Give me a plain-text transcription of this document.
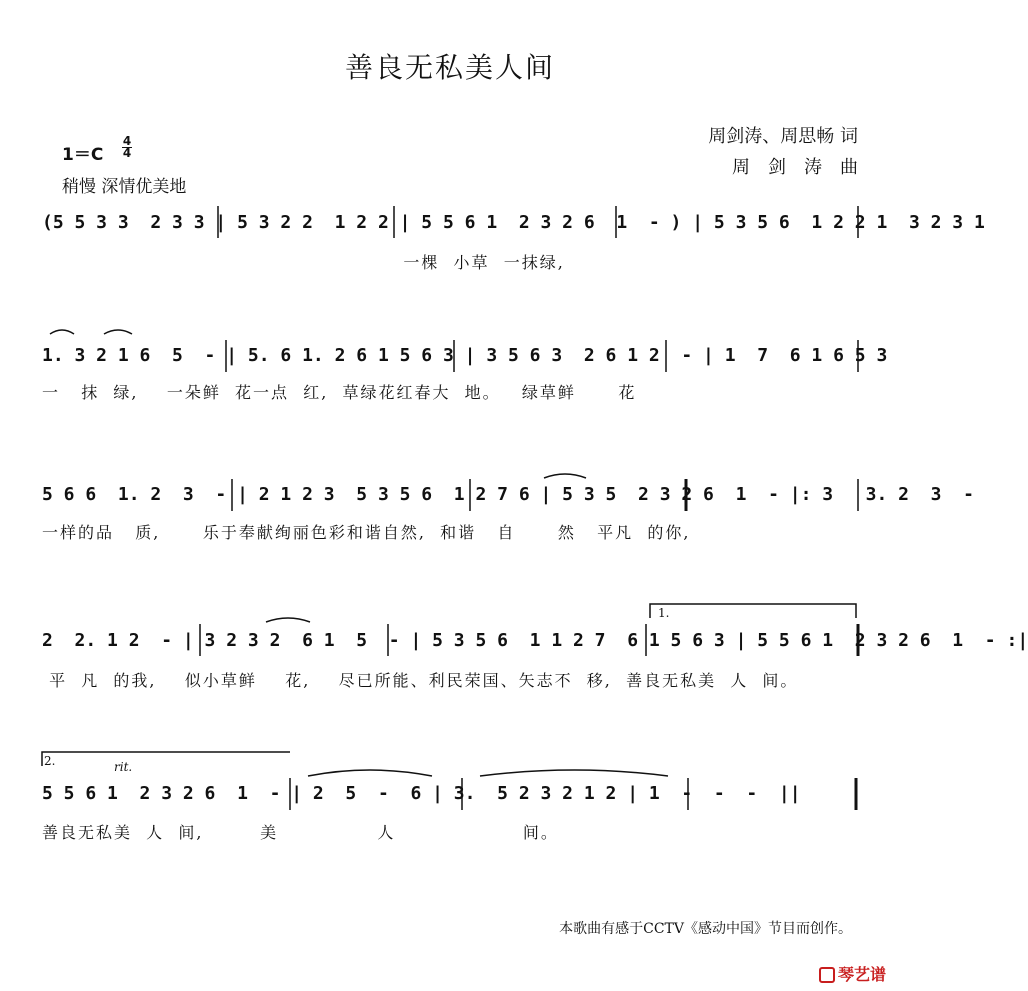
善良无私美人间
1＝C
4
4
稍慢 深情优美地
周剑涛、周思畅 词
周剑涛曲
(5 5 3 3  2 3 3 | 5 3 2 2  1 2 2 | 5 5 6 1  2 3 2 6  1  - ) | 5 3 5 6  1 2 2 1  3 2 3 1
一棵  小草  一抹绿,
1. 3 2 1 6  5  - | 5. 6 1. 2 6 1 5 6 3 | 3 5 6 3  2 6 1 2  - | 1  7  6 1 6 5 3
一   抹  绿,    一朵鲜  花一点  红,  草绿花红春大  地。   绿草鲜      花
5 6 6  1. 2  3  - | 2 1 2 3  5 3 5 6  1 2 7 6 | 5 3 5  2 3 2 6  1  - |: 3   3. 2  3  -
一样的品   质,      乐于奉献绚丽色彩和谐自然,  和谐   自      然   平凡  的你,
1.
2  2. 1 2  - | 3 2 3 2  6 1  5  - | 5 3 5 6  1 1 2 7  6 1 5 6 3 | 5 5 6 1  2 3 2 6  1  - :|
平  凡  的我,    似小草鲜    花,    尽已所能、利民荣国、矢志不  移,  善良无私美  人  间。
2.	rit.
5 5 6 1  2 3 2 6  1  - | 2  5  -  6 | 3.  5 2 3 2 1 2 | 1  -  -  -  ||
善良无私美  人  间,        美              人                  间。
本歌曲有感于CCTV《感动中国》节目而创作。
琴艺谱
